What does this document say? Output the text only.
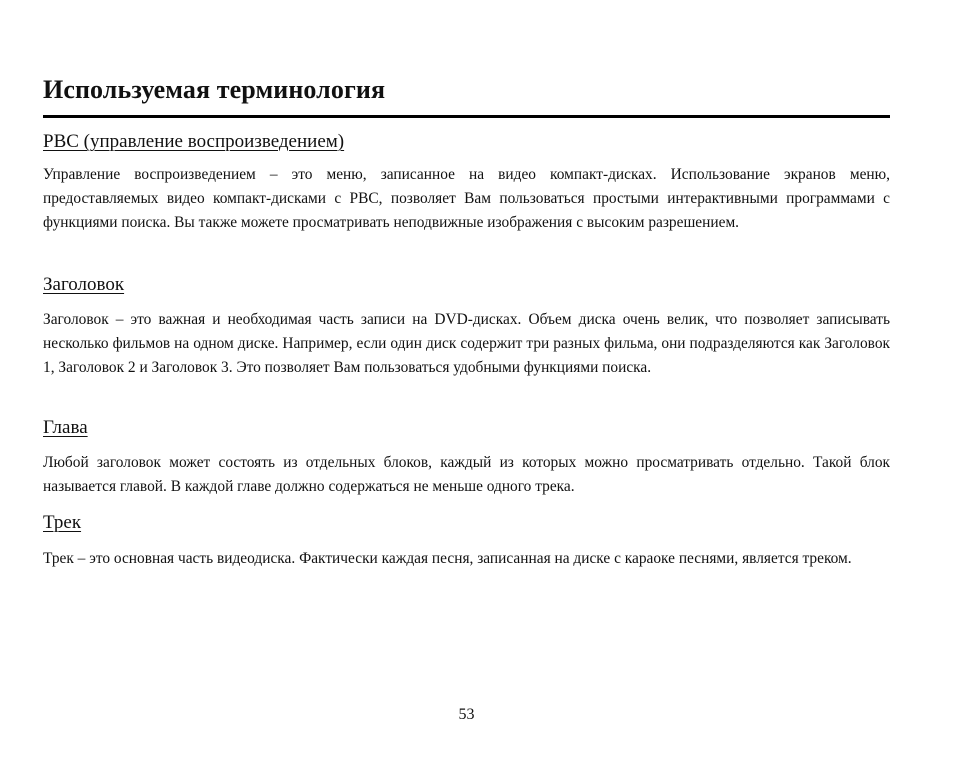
Используемая терминология
PBC (управление воспроизведением)

Управление воспроизведением – это меню, записанное на видео компакт-дисках. Использование экранов меню, предоставляемых видео компакт-дисками с PBC, позволяет Вам пользоваться простыми интерактивными программами с функциями поиска. Вы также можете просматривать неподвижные изображения с высоким разрешением.

Заголовок

Заголовок – это важная и необходимая часть записи на DVD-дисках. Объем диска очень велик, что позволяет записывать несколько фильмов на одном диске. Например, если один диск содержит три разных фильма, они подразделяются как Заголовок 1, Заголовок 2 и Заголовок 3. Это позволяет Вам пользоваться удобными функциями поиска.

Глава

Любой заголовок может состоять из отдельных блоков, каждый из которых можно просматривать отдельно. Такой блок называется главой. В каждой главе должно содержаться не меньше одного трека.

Трек

Трек – это основная часть видеодиска. Фактически каждая песня, записанная на диске с караоке песнями, является треком.

53
